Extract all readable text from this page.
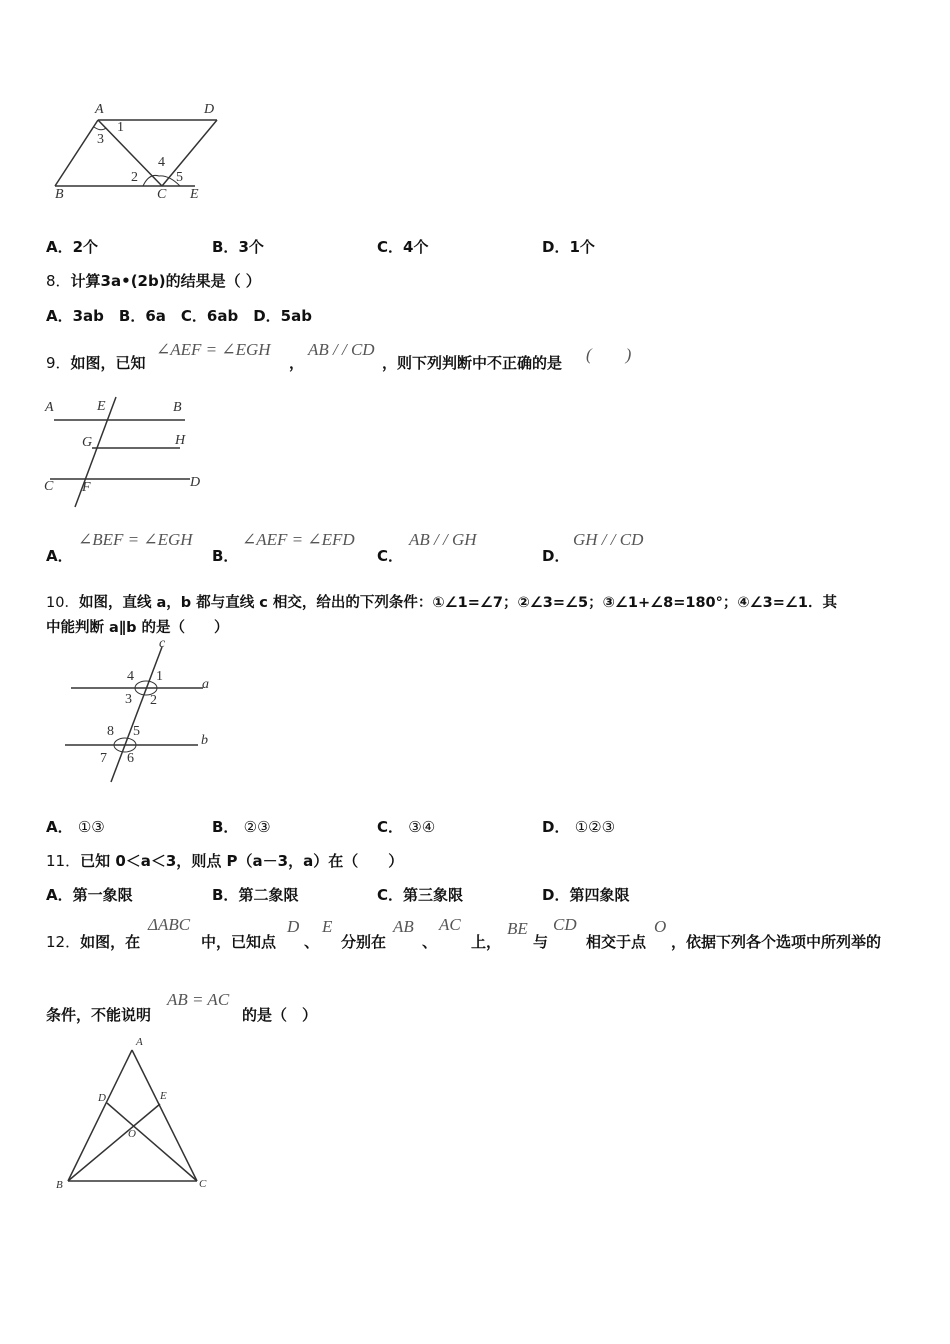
A	D
B	C E
1
3
2
4
5
A．2个	B．3个	C．4个	D．1个
8．计算3a•(2b)的结果是（ ）
A．3ab　B．6a　C．6ab　D．5ab
9．如图，已知
∠AEF = ∠EGH
，
AB / / CD
，则下列判断中不正确的是 (　　)
A	E	B
G	H
C F	D
A．
∠BEF = ∠EGH
B．
∠AEF = ∠EFD
C．
AB / / GH
D．
GH / / CD
10．如图，直线 a，b 都与直线 c 相交，给出的下列条件：①∠1=∠7；②∠3=∠5；③∠1+∠8=180°；④∠3=∠1．其
中能判断 a∥b 的是（　　）
c
a
b
4 1
3 2
8 5
7 6
A． ①③	B． ②③	C． ③④	D． ①②③
11．已知 0＜a＜3，则点 P（a－3，a）在（　　）
A．第一象限	B．第二象限	C．第三象限	D．第四象限
12．如图，在
ΔABC
中，已知点
D
、
E
分别在
AB
、
AC
上，
BE
与
CD
相交于点
O
，依据下列各个选项中所列举的
条件，不能说明
AB = AC
的是（　）
A
D	E
O
B	C
